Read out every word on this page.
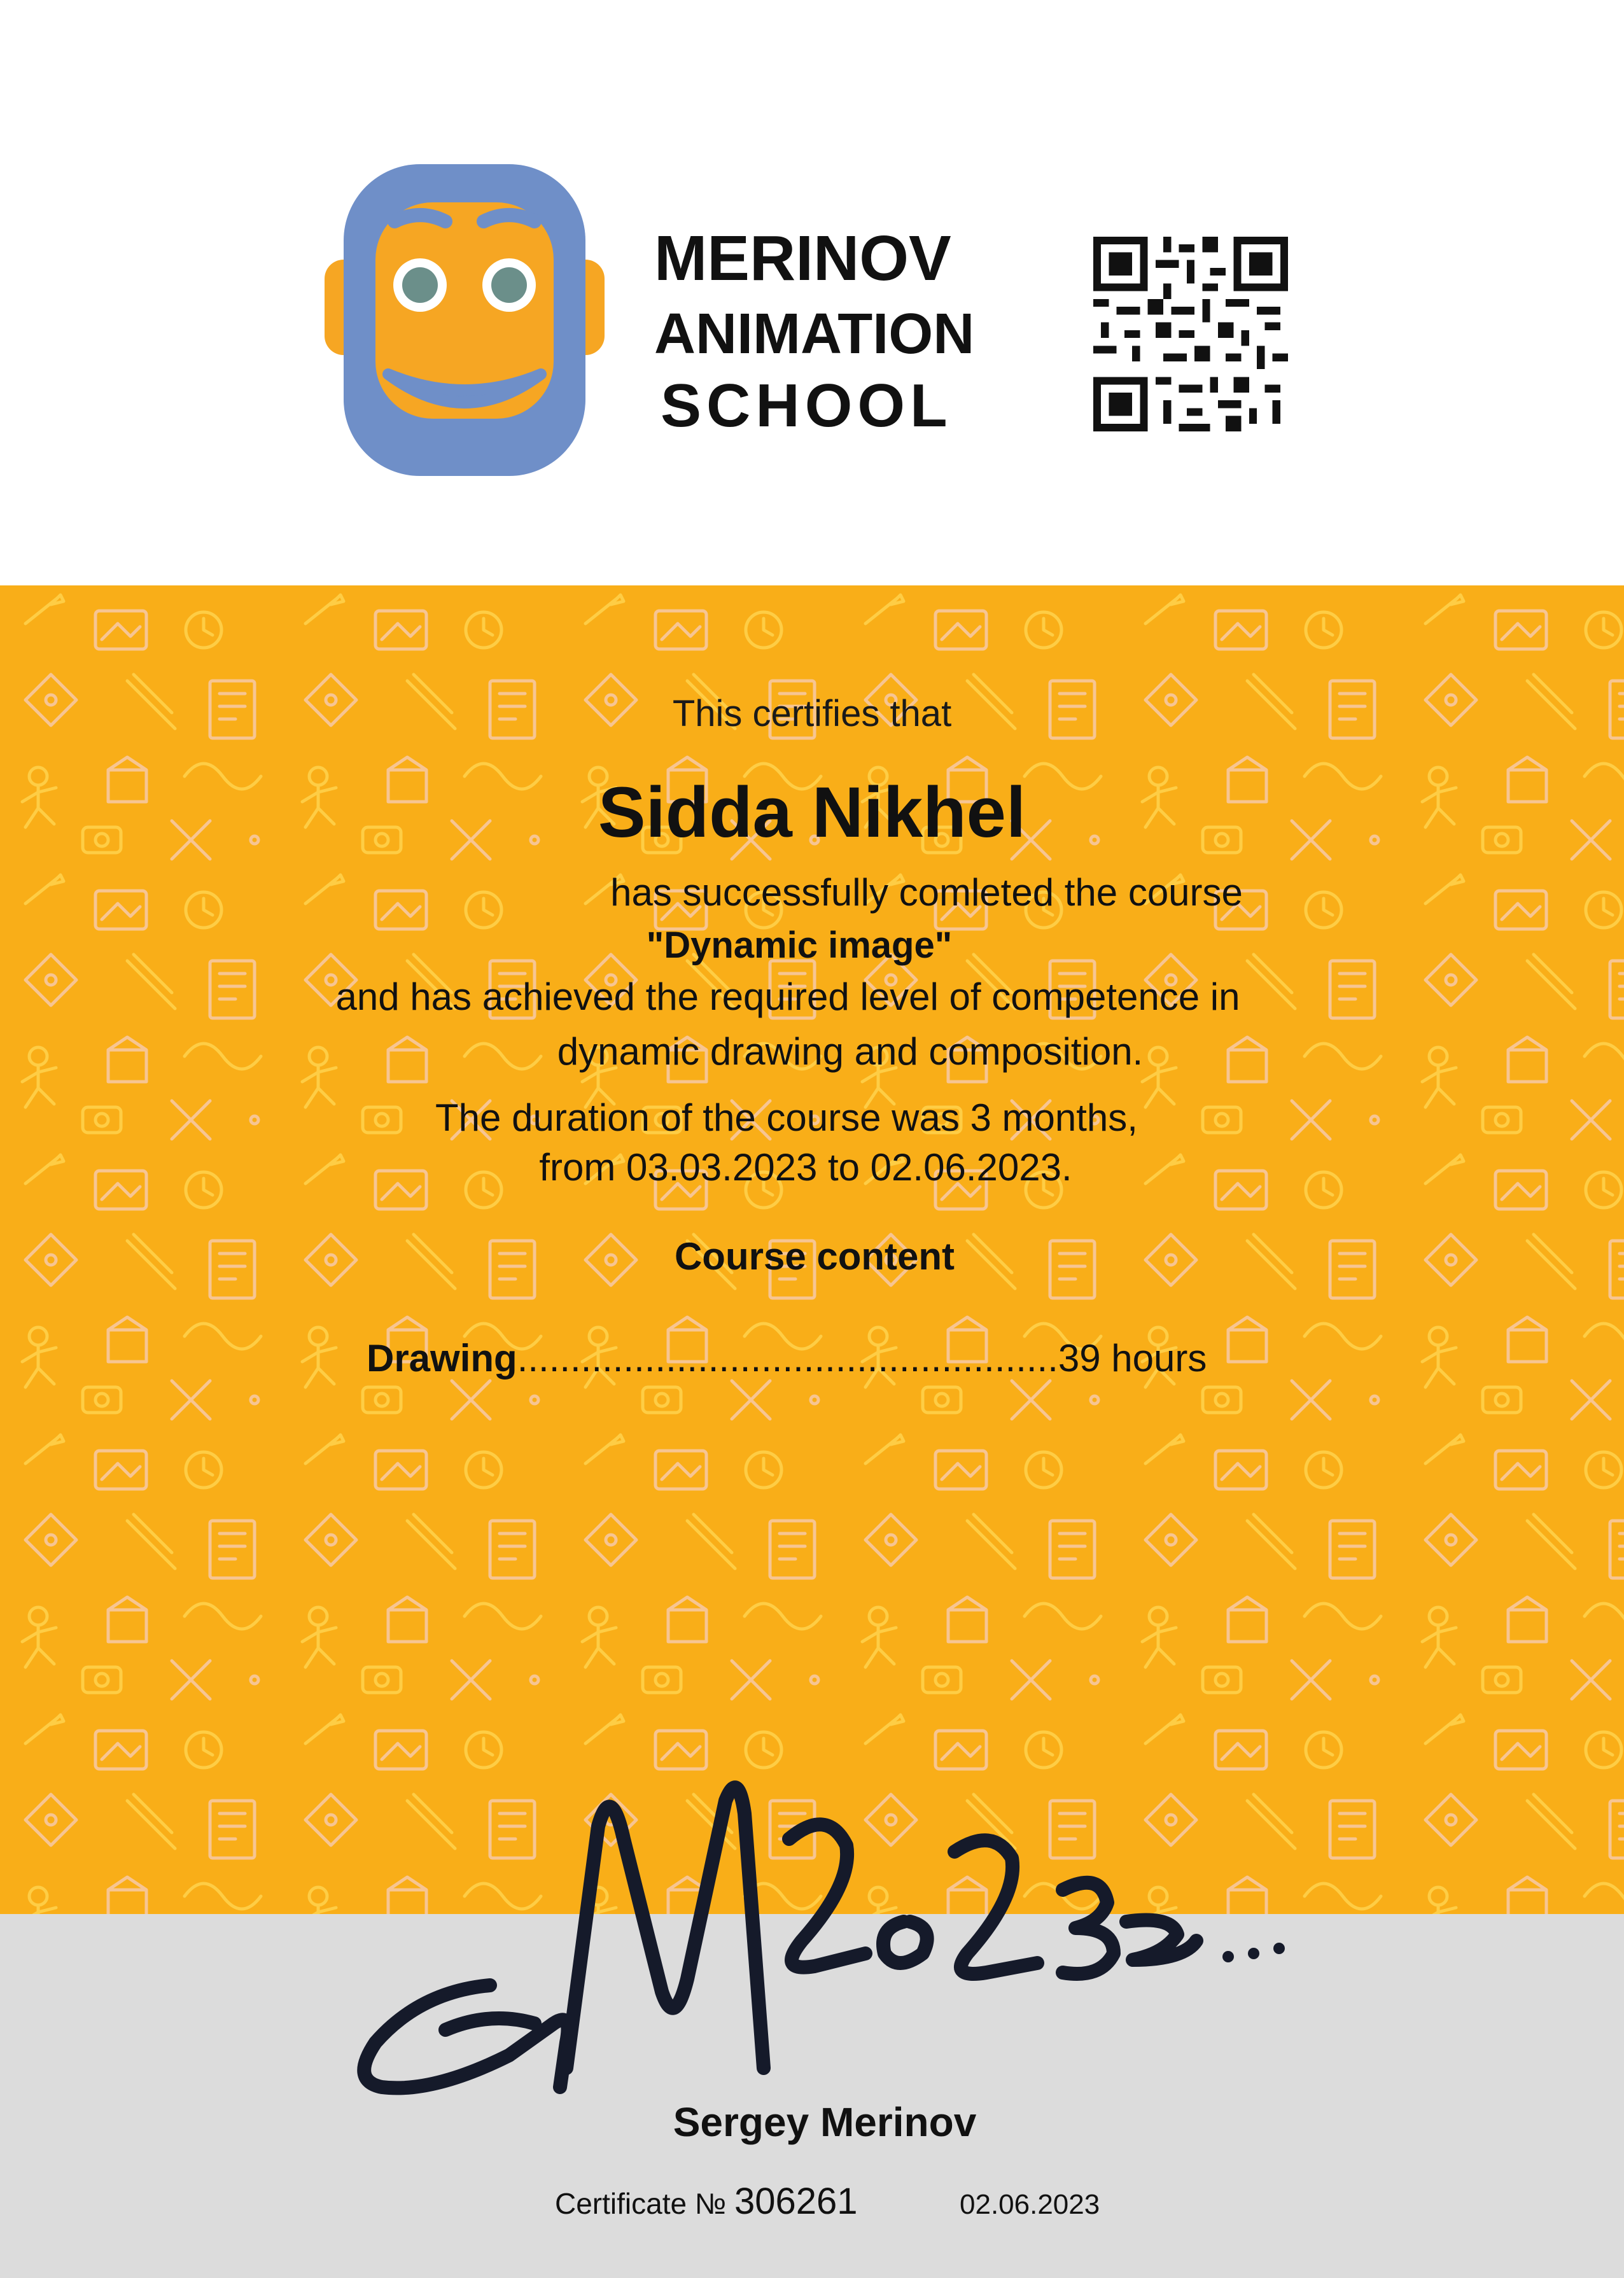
MERINOV
ANIMATION
SCHOOL
This certifies that
Sidda Nikhel
has successfully comleted the course
"Dynamic image"
and has achieved the required level of competence in
dynamic drawing and composition.
The duration of the course was 3 months,
from 03.03.2023 to 02.06.2023.
Course content
Drawing...................................................39 hours
Sergey Merinov
Certificate № 306261	02.06.2023
